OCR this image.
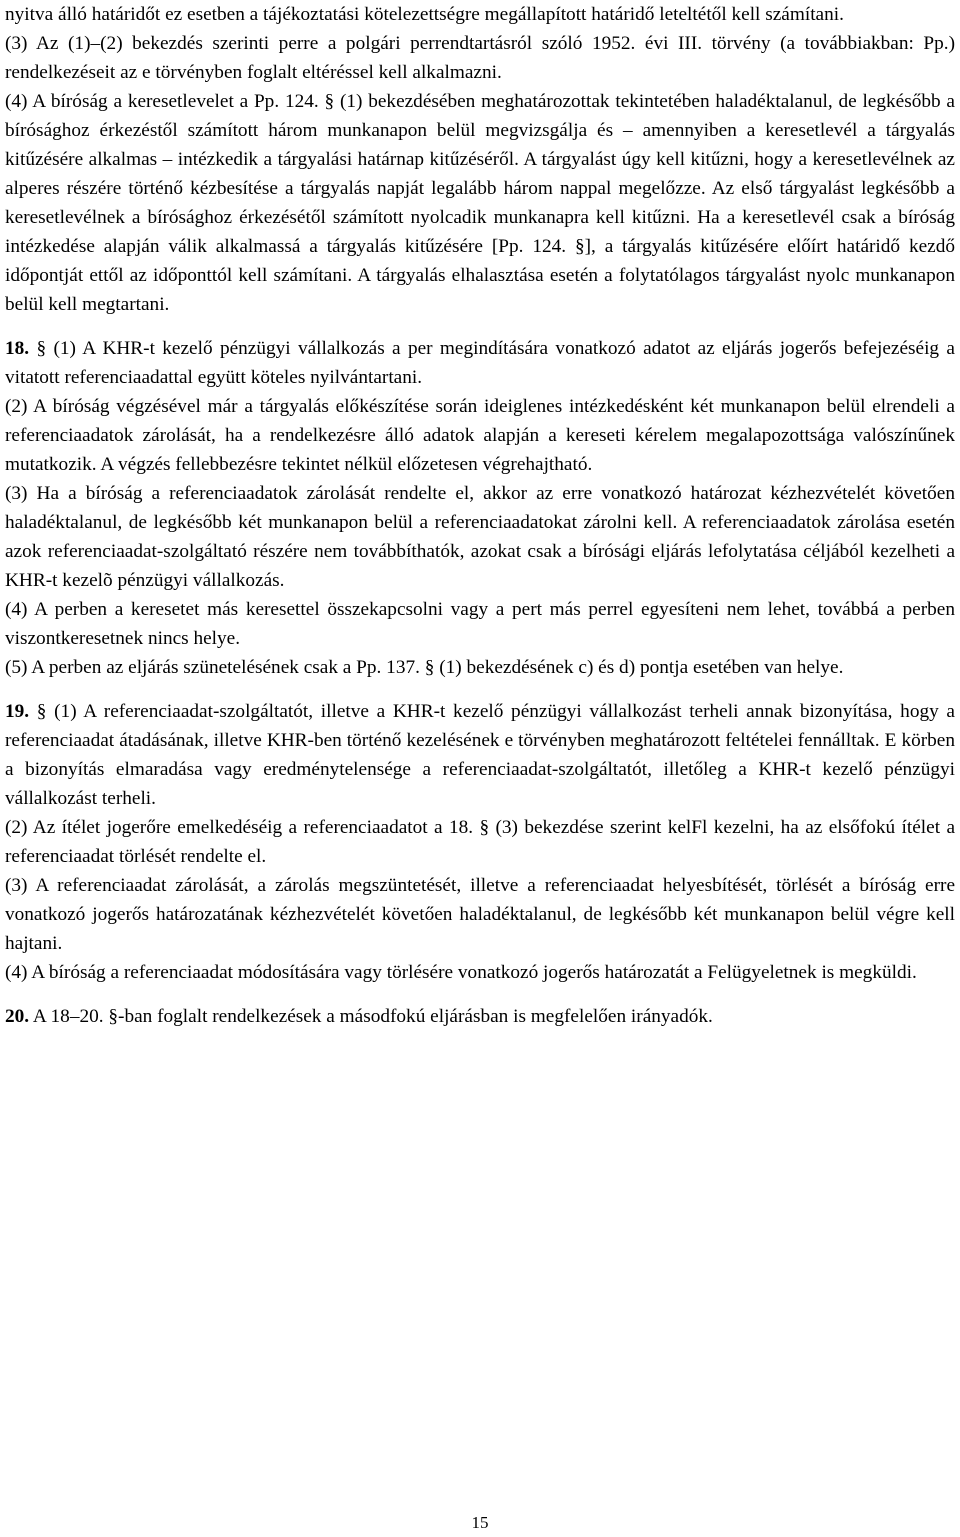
nyitva álló határidőt ez esetben a tájékoztatási kötelezettségre megállapított határidő leteltétől kell számítani.

(3) Az (1)–(2) bekezdés szerinti perre a polgári perrendtartásról szóló 1952. évi III. törvény (a továbbiakban: Pp.) rendelkezéseit az e törvényben foglalt eltéréssel kell alkalmazni.

(4) A bíróság a keresetlevelet a Pp. 124. § (1) bekezdésében meghatározottak tekintetében haladéktalanul, de legkésőbb a bírósághoz érkezéstől számított három munkanapon belül megvizsgálja és – amennyiben a keresetlevél a tárgyalás kitűzésére alkalmas – intézkedik a tárgyalási határnap kitűzéséről. A tárgyalást úgy kell kitűzni, hogy a keresetlevélnek az alperes részére történő kézbesítése a tárgyalás napját legalább három nappal megelőzze. Az első tárgyalást legkésőbb a keresetlevélnek a bírósághoz érkezésétől számított nyolcadik munkanapra kell kitűzni. Ha a keresetlevél csak a bíróság intézkedése alapján válik alkalmassá a tárgyalás kitűzésére [Pp. 124. §], a tárgyalás kitűzésére előírt határidő kezdő időpontját ettől az időponttól kell számítani. A tárgyalás elhalasztása esetén a folytatólagos tárgyalást nyolc munkanapon belül kell megtartani.

18. § (1) A KHR-t kezelő pénzügyi vállalkozás a per megindítására vonatkozó adatot az eljárás jogerős befejezéséig a vitatott referenciaadattal együtt köteles nyilvántartani.

(2) A bíróság végzésével már a tárgyalás előkészítése során ideiglenes intézkedésként két munkanapon belül elrendeli a referenciaadatok zárolását, ha a rendelkezésre álló adatok alapján a kereseti kérelem megalapozottsága valószínűnek mutatkozik. A végzés fellebbezésre tekintet nélkül előzetesen végrehajtható.

(3) Ha a bíróság a referenciaadatok zárolását rendelte el, akkor az erre vonatkozó határozat kézhezvételét követően haladéktalanul, de legkésőbb két munkanapon belül a referenciaadatokat zárolni kell. A referenciaadatok zárolása esetén azok referenciaadat-szolgáltató részére nem továbbíthatók, azokat csak a bírósági eljárás lefolytatása céljából kezelheti a KHR-t kezelõ pénzügyi vállalkozás.

(4) A perben a keresetet más keresettel összekapcsolni vagy a pert más perrel egyesíteni nem lehet, továbbá a perben viszontkeresetnek nincs helye.

(5) A perben az eljárás szünetelésének csak a Pp. 137. § (1) bekezdésének c) és d) pontja esetében van helye.

19. § (1) A referenciaadat-szolgáltatót, illetve a KHR-t kezelő pénzügyi vállalkozást terheli annak bizonyítása, hogy a referenciaadat átadásának, illetve KHR-ben történő kezelésének e törvényben meghatározott feltételei fennálltak. E körben a bizonyítás elmaradása vagy eredménytelensége a referenciaadat-szolgáltatót, illetőleg a KHR-t kezelő pénzügyi vállalkozást terheli.

(2) Az ítélet jogerőre emelkedéséig a referenciaadatot a 18. § (3) bekezdése szerint kelFl kezelni, ha az elsőfokú ítélet a referenciaadat törlését rendelte el.

(3) A referenciaadat zárolását, a zárolás megszüntetését, illetve a referenciaadat helyesbítését, törlését a bíróság erre vonatkozó jogerős határozatának kézhezvételét követően haladéktalanul, de legkésőbb két munkanapon belül végre kell hajtani.

(4) A bíróság a referenciaadat módosítására vagy törlésére vonatkozó jogerős határozatát a Felügyeletnek is megküldi.

20. A 18–20. §-ban foglalt rendelkezések a másodfokú eljárásban is megfelelően irányadók.

15
